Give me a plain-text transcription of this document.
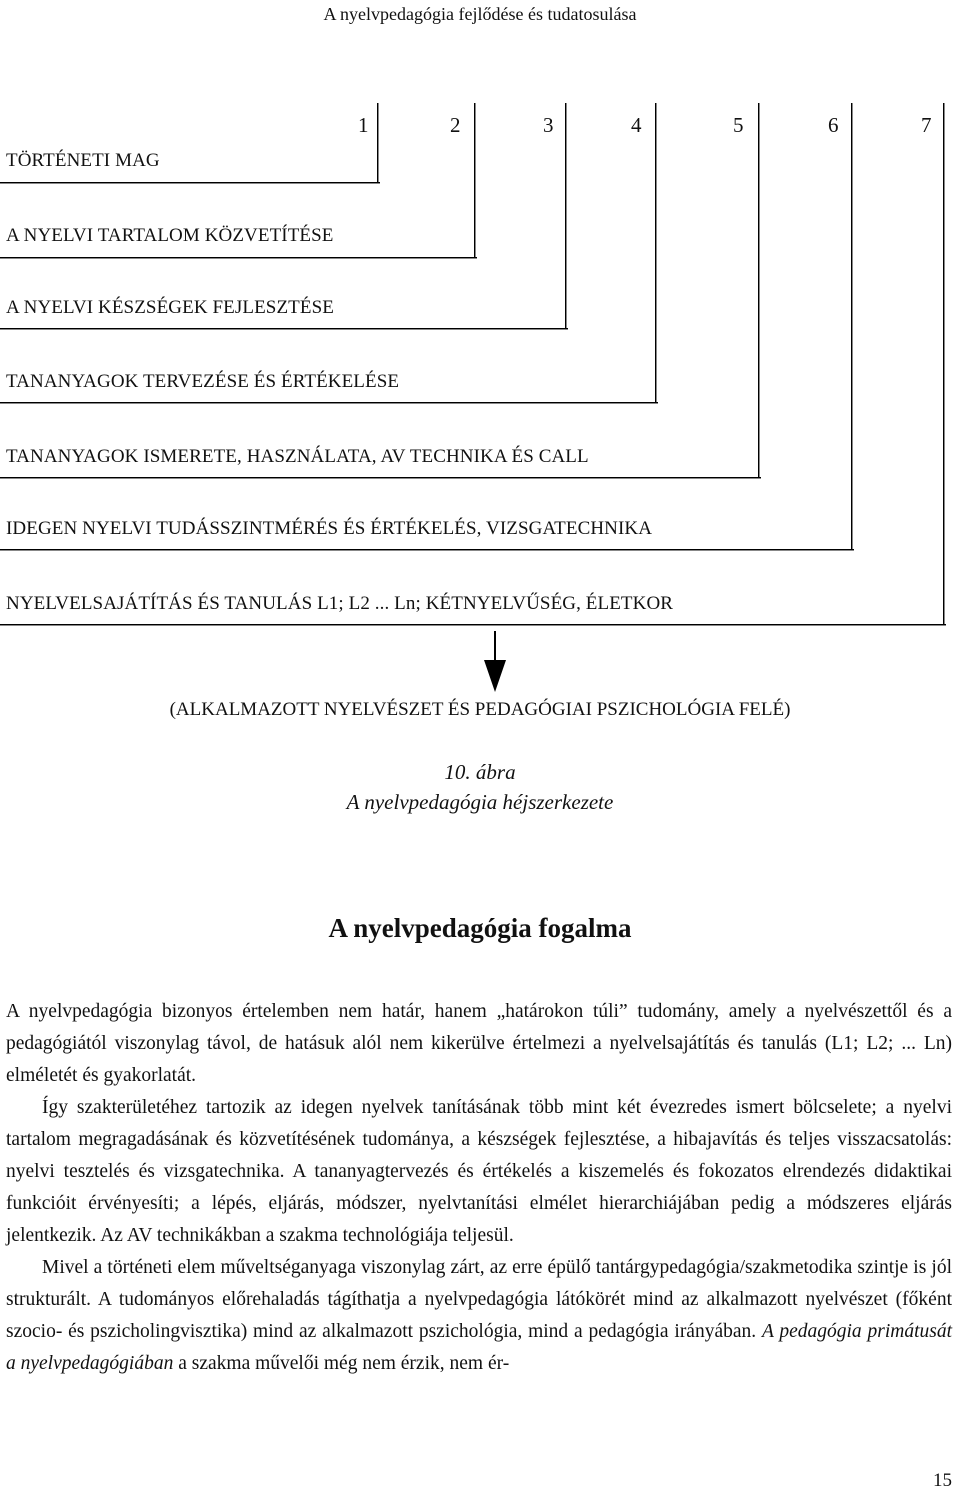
A nyelvpedagógia fejlődése és tudatosulása
1	2	3	4	5	6	7
TÖRTÉNETI MAG
A NYELVI TARTALOM KÖZVETÍTÉSE
A NYELVI KÉSZSÉGEK FEJLESZTÉSE
TANANYAGOK TERVEZÉSE ÉS ÉRTÉKELÉSE
TANANYAGOK ISMERETE, HASZNÁLATA, AV TECHNIKA ÉS CALL
IDEGEN NYELVI TUDÁSSZINTMÉRÉS ÉS ÉRTÉKELÉS, VIZSGATECHNIKA
NYELVELSAJÁTÍTÁS ÉS TANULÁS L1; L2 ... Ln; KÉTNYELVŰSÉG, ÉLETKOR
(ALKALMAZOTT NYELVÉSZET ÉS PEDAGÓGIAI PSZICHOLÓGIA FELÉ)
10. ábra
A nyelvpedagógia héjszerkezete
A nyelvpedagógia fogalma

A nyelvpedagógia bizonyos értelemben nem határ, hanem „határokon túli” tudomány, amely a nyelvészettől és a pedagógiától viszonylag távol, de hatásuk alól nem kikerülve értelmezi a nyelvelsajátítás és tanulás (L1; L2; ... Ln) elméletét és gyakorlatát.

Így szakterületéhez tartozik az idegen nyelvek tanításának több mint két évezredes ismert bölcselete; a nyelvi tartalom megragadásának és közvetítésének tudománya, a készségek fejlesztése, a hibajavítás és teljes visszacsatolás: nyelvi tesztelés és vizsgatechnika. A tananyagtervezés és értékelés a kiszemelés és fokozatos elrendezés didaktikai funkcióit érvényesíti; a lépés, eljárás, módszer, nyelvtanítási elmélet hierarchiájában pedig a módszeres eljárás jelentkezik. Az AV technikákban a szakma technológiája teljesül.

Mivel a történeti elem műveltséganyaga viszonylag zárt, az erre épülő tantárgypedagógia/szakmetodika szintje is jól strukturált. A tudományos előrehaladás tágíthatja a nyelvpedagógia látókörét mind az alkalmazott nyelvészet (főként szocio- és pszicholingvisztika) mind az alkalmazott pszichológia, mind a pedagógia irányában. A pedagógia primátusát a nyelvpedagógiában a szakma művelői még nem érzik, nem ér-

15
